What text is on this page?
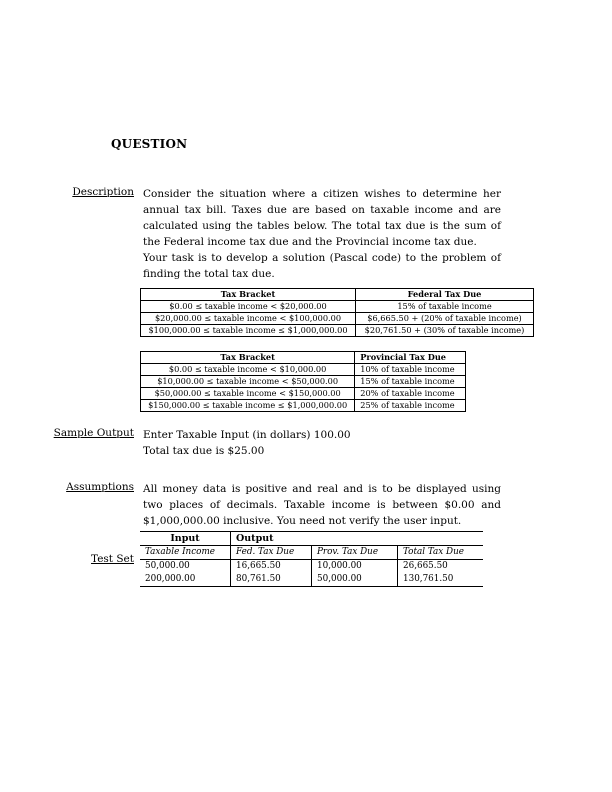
QUESTION
Description Consider the situation where a citizen wishes to determine her annual tax bill. Taxes due are based on taxable income and are calculated using the tables below. The total tax due is the sum of the Federal income tax due and the Provincial income tax due.
Your task is to develop a solution (Pascal code) to the problem of finding the total tax due.
Tax Bracket	Federal Tax Due
$0.00 ≤ taxable income < $20,000.00	15% of taxable income
$20,000.00 ≤ taxable income < $100,000.00	$6,665.50 + (20% of taxable income)
$100,000.00 ≤ taxable income ≤ $1,000,000.00	$20,761.50 + (30% of taxable income)
Tax Bracket	Provincial Tax Due
$0.00 ≤ taxable income < $10,000.00	10% of taxable income
$10,000.00 ≤ taxable income < $50,000.00	15% of taxable income
$50,000.00 ≤ taxable income < $150,000.00	20% of taxable income
$150,000.00 ≤ taxable income ≤ $1,000,000.00	25% of taxable income
Sample Output Enter Taxable Input (in dollars) 100.00
Total tax due is $25.00
Assumptions All money data is positive and real and is to be displayed using two places of decimals. Taxable income is between $0.00 and $1,000,000.00 inclusive. You need not verify the user input.
Test Set
Input	Output		
Taxable Income	Fed. Tax Due	Prov. Tax Due	Total Tax Due
50,000.00	16,665.50	10,000.00	26,665.50
200,000.00	80,761.50	50,000.00	130,761.50
